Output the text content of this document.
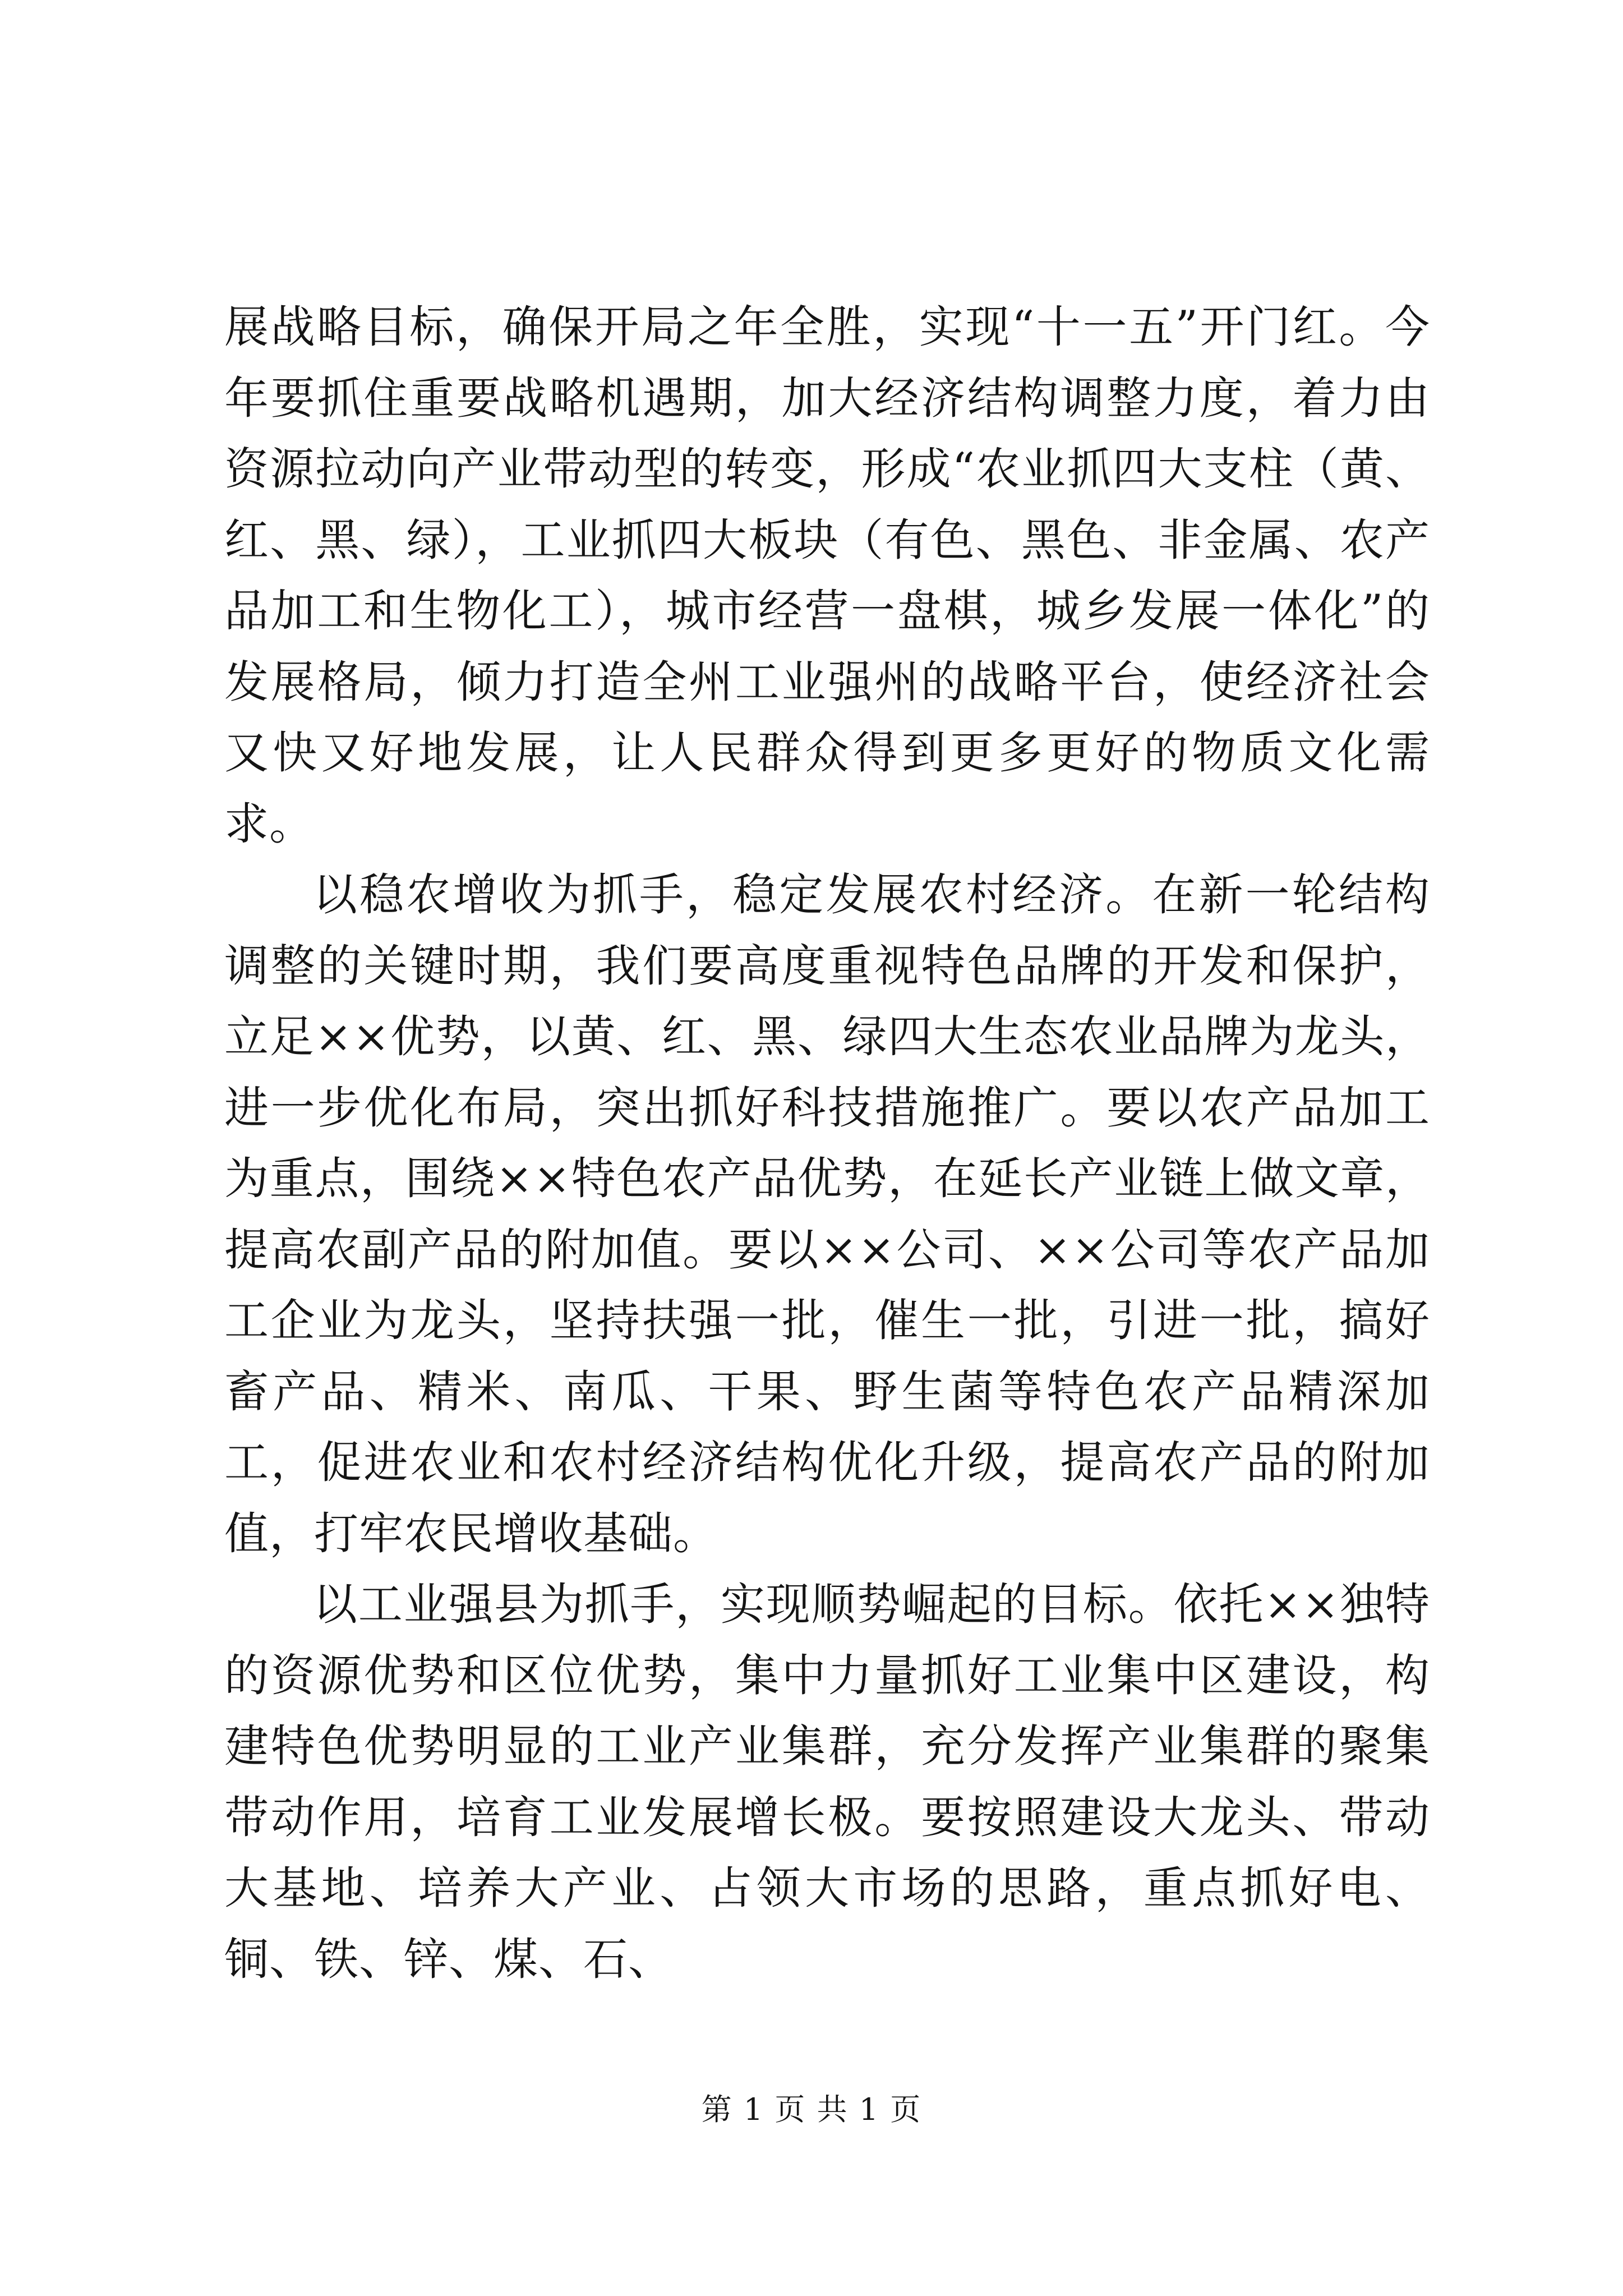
展战略目标，确保开局之年全胜，实现“十一五”开门红。今年要抓住重要战略机遇期，加大经济结构调整力度，着力由资源拉动向产业带动型的转变，形成“农业抓四大支柱（黄、红、黑、绿），工业抓四大板块（有色、黑色、非金属、农产品加工和生物化工），城市经营一盘棋，城乡发展一体化”的发展格局，倾力打造全州工业强州的战略平台，使经济社会又快又好地发展，让人民群众得到更多更好的物质文化需求。

以稳农增收为抓手，稳定发展农村经济。在新一轮结构调整的关键时期，我们要高度重视特色品牌的开发和保护，立足××优势，以黄、红、黑、绿四大生态农业品牌为龙头，进一步优化布局，突出抓好科技措施推广。要以农产品加工为重点，围绕××特色农产品优势，在延长产业链上做文章，提高农副产品的附加值。要以××公司、××公司等农产品加工企业为龙头，坚持扶强一批，催生一批，引进一批，搞好畜产品、精米、南瓜、干果、野生菌等特色农产品精深加工，促进农业和农村经济结构优化升级，提高农产品的附加值，打牢农民增收基础。

以工业强县为抓手，实现顺势崛起的目标。依托××独特的资源优势和区位优势，集中力量抓好工业集中区建设，构建特色优势明显的工业产业集群，充分发挥产业集群的聚集带动作用，培育工业发展增长极。要按照建设大龙头、带动大基地、培养大产业、占领大市场的思路，重点抓好电、铜、铁、锌、煤、石、

第 1 页 共 1 页
